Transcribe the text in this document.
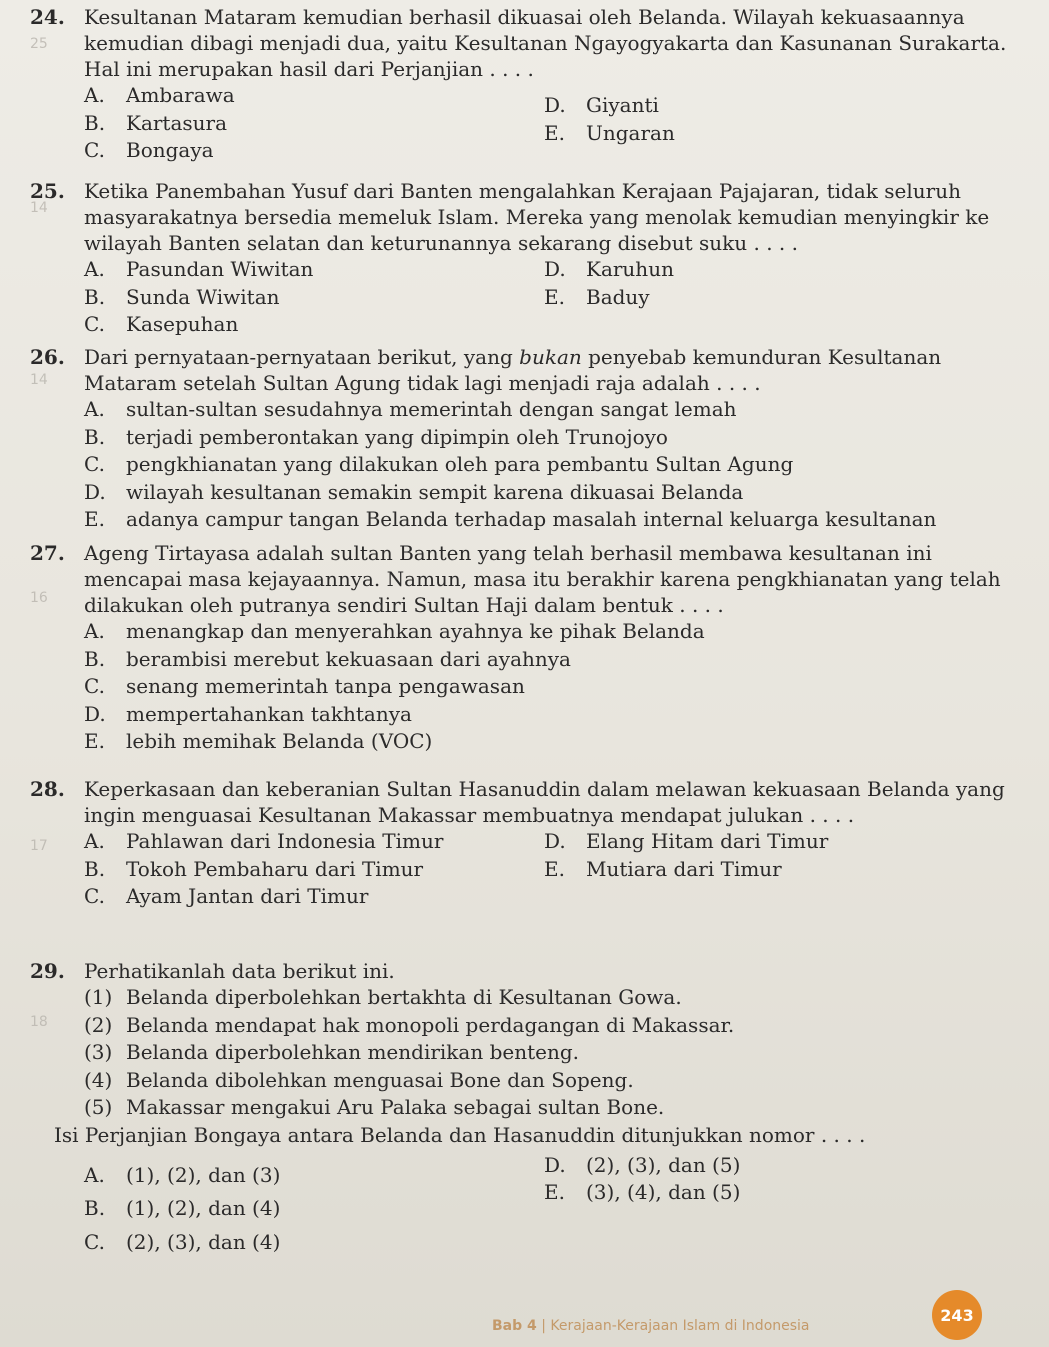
24. Kesultanan Mataram kemudian berhasil dikuasai oleh Belanda. Wilayah kekuasaannya kemudian dibagi menjadi dua, yaitu Kesultanan Ngayogyakarta dan Kasunanan Surakarta. Hal ini merupakan hasil dari Perjanjian . . . .
A.	Ambarawa
B.	Kartasura
C.	Bongaya
D.	Giyanti
E.	Ungaran
25
25. Ketika Panembahan Yusuf dari Banten mengalahkan Kerajaan Pajajaran, tidak seluruh masyarakatnya bersedia memeluk Islam. Mereka yang menolak kemudian menyingkir ke wilayah Banten selatan dan keturunannya sekarang disebut suku . . . .
A.	Pasundan Wiwitan
B.	Sunda Wiwitan
C.	Kasepuhan
D.	Karuhun
E.	Baduy
14
26. Dari pernyataan-pernyataan berikut, yang bukan penyebab kemunduran Kesultanan Mataram setelah Sultan Agung tidak lagi menjadi raja adalah . . . .
A.	sultan-sultan sesudahnya memerintah dengan sangat lemah
B.	terjadi pemberontakan yang dipimpin oleh Trunojoyo
C.	pengkhianatan yang dilakukan oleh para pembantu Sultan Agung
D.	wilayah kesultanan semakin sempit karena dikuasai Belanda
E.	adanya campur tangan Belanda terhadap masalah internal keluarga kesultanan
14
27. Ageng Tirtayasa adalah sultan Banten yang telah berhasil membawa kesultanan ini mencapai masa kejayaannya. Namun, masa itu berakhir karena pengkhianatan yang telah dilakukan oleh putranya sendiri Sultan Haji dalam bentuk . . . .
A.	menangkap dan menyerahkan ayahnya ke pihak Belanda
B.	berambisi merebut kekuasaan dari ayahnya
C.	senang memerintah tanpa pengawasan
D.	mempertahankan takhtanya
E.	lebih memihak Belanda (VOC)
16
28. Keperkasaan dan keberanian Sultan Hasanuddin dalam melawan kekuasaan Belanda yang ingin menguasai Kesultanan Makassar membuatnya mendapat julukan . . . .
A.	Pahlawan dari Indonesia Timur
B.	Tokoh Pembaharu dari Timur
C.	Ayam Jantan dari Timur
D.	Elang Hitam dari Timur
E.	Mutiara dari Timur
17
29. Perhatikanlah data berikut ini.
(1) Belanda diperbolehkan bertakhta di Kesultanan Gowa.
(2) Belanda mendapat hak monopoli perdagangan di Makassar.
(3) Belanda diperbolehkan mendirikan benteng.
(4) Belanda dibolehkan menguasai Bone dan Sopeng.
(5) Makassar mengakui Aru Palaka sebagai sultan Bone.
Isi Perjanjian Bongaya antara Belanda dan Hasanuddin ditunjukkan nomor . . . .
A.	(1), (2), dan (3)
B.	(1), (2), dan (4)
C.	(2), (3), dan (4)
D.	(2), (3), dan (5)
E.	(3), (4), dan (5)
18
Bab 4 | Kerajaan-Kerajaan Islam di Indonesia
243
